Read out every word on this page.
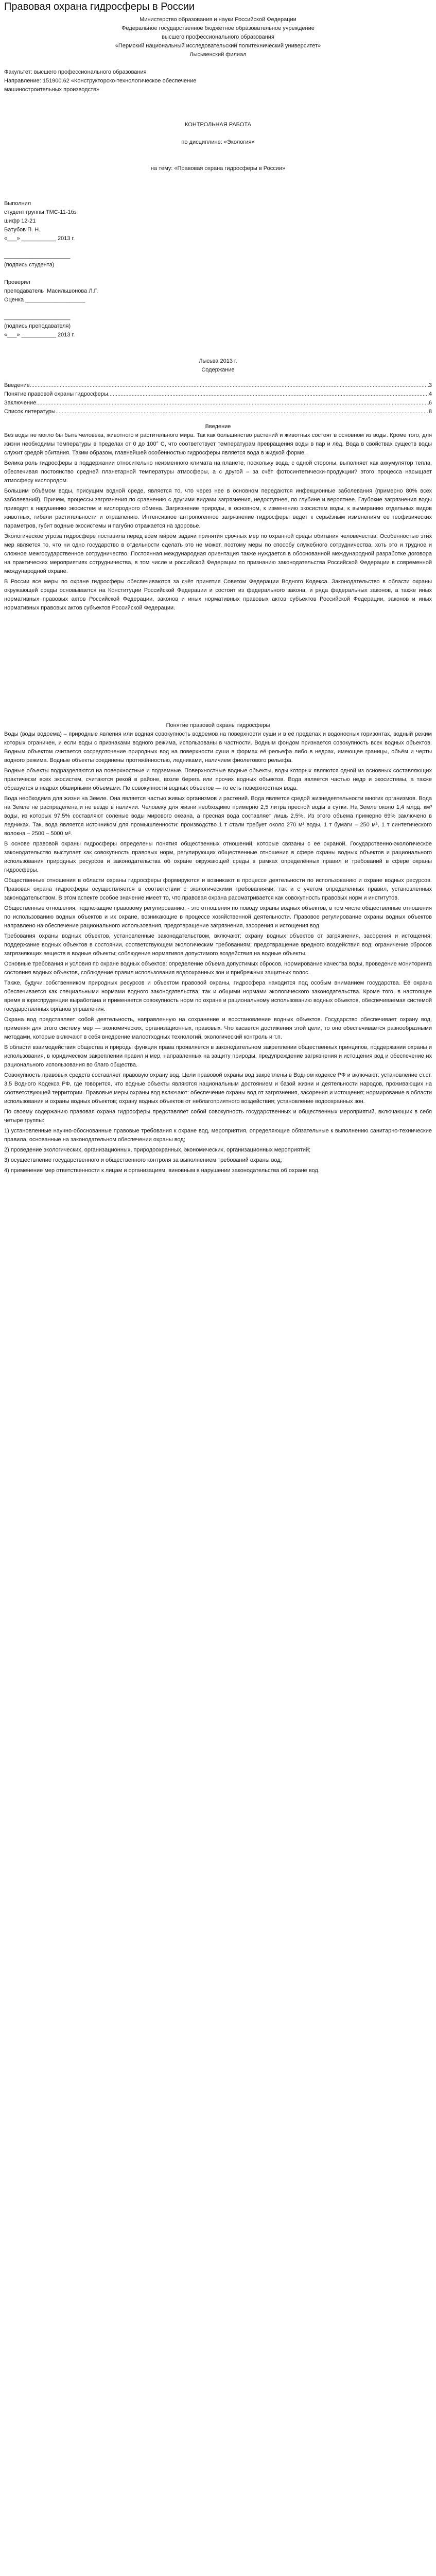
Правовая охрана гидросферы в России
Министерство образования и науки Российской Федерации
Федеральное государственное бюджетное образовательное учреждение
высшего профессионального образования
«Пермский национальный исследовательский политехнический университет»
Лысьвенский филиал

Факультет: высшего профессионального образования
Направление: 151900.62 «Конструкторско-технологическое обеспечение
машиностроительных производств»

КОНТРОЛЬНАЯ РАБОТА

по дисциплине: «Экология»

на тему: «Правовая охрана гидросферы в России»

Выполнил
студент группы ТМС-11-1бз
шифр 12-21
Батубов П. Н.
«___» ___________ 2013 г.

_____________________
(подпись студента)

Проверил
преподаватель  Масильшонова Л.Г.
Оценка ___________________

_____________________
(подпись преподавателя)
«___» ___________ 2013 г.

Лысьва 2013 г.
Содержание
Введение .....	3
Понятие правовой охраны гидросферы .....	4
Заключение .....	6
Список литературы .....	8

Введение

Без воды не могло бы быть человека, животного и растительного мира. Так как большинство растений и животных состоят в основном из воды. Кроме того, для жизни необходимы температуры в пределах от 0 до 100° С, что соответствует температурам превращения воды в пар и лёд. Вода в свойствах существ воды служит средой обитания. Таким образом, главнейшей особенностью гидросферы является вода в жидкой форме.

Велика роль гидросферы в поддержании относительно неизменного климата на планете, поскольку вода, с одной стороны, выполняет как аккумулятор тепла, обеспечивая постоянство средней планетарной температуры атмосферы, а с другой – за счёт фотосинтетически-продукции? этого процесса насыщает атмосферу кислородом.

Большим объёмом воды, присущим водной среде, является то, что через нее в основном передаются инфекционные заболевания (примерно 80% всех заболеваний). Причем, процессы загрязнения по сравнению с другими видами загрязнения, недоступнее, по глубине и вероятнее. Глубокие загрязнения воды приводят к нарушению экосистем и кислородного обмена. Загрязнение природы, в основном, к изменению экосистем воды, к вымиранию отдельных видов животных, гибели растительности и отравлению. Интенсивное антропогенное загрязнение гидросферы ведет к серьёзным изменениям ее геофизических параметров, губит водные экосистемы и пагубно отражается на здоровье.

Экологическое угроза гидросфере поставила перед всем миром задачи принятия срочных мер по охранной среды обитания человечества. Особенностью этих мер является то, что ни одно государство в отдельности сделать это не может, поэтому меры по способу служебного сотрудничества, хоть это и трудное и сложное межгосударственное сотрудничество. Постоянная международная ориентация также нуждается в обоснованной международной разработке договора на практических мероприятиях сотрудничества, в том числе и российской Федерации по признанию законодательства Российской Федерации в современной международной охране.

В России все меры по охране гидросферы обеспечиваются за счёт принятия Советом Федерации Водного Кодекса. Законодательство в области охраны окружающей среды основывается на Конституции Российской Федерации и состоит из федерального закона, и ряда федеральных законов, а также иных нормативных правовых актов Российской Федерации, законов и иных нормативных правовых актов субъектов Российской Федерации, законов и иных нормативных правовых актов субъектов Российской Федерации.

Понятие правовой охраны гидросферы

Воды (воды водоема) – природные явления или водная совокупность водоемов на поверхности суши и в её пределах и водоносных горизонтах, водный режим которых ограничен, и если воды с признаками водного режима, использованы в частности. Водным фондом признается совокупность всех водных объектов. Водным объектом считается сосредоточение природных вод на поверхности суши в формах её рельефа либо в недрах, имеющее границы, объём и черты водного режима. Водные объекты соединены протяжённостью, ледниками, наличием фиолетового рельефа.

Водные объекты подразделяются на поверхностные и подземные. Поверхностные водные объекты, воды которых являются одной из основных составляющих практически всех экосистем, считаются рекой в районе, возле берега или прочих водных объектов. Вода является частью недр и экосистемы, а также образуется в недрах обширными объемами. По совокупности водных объектов — то есть поверхностная вода.

Вода необходима для жизни на Земле. Она является частью живых организмов и растений. Вода является средой жизнедеятельности многих организмов. Вода на Земле не распределена и не везде в наличии. Человеку для жизни необходимо примерно 2,5 литра пресной воды в сутки. На Земле около 1,4 млрд. км³ воды, из которых 97,5% составляют соленые воды мирового океана, а пресная вода составляет лишь 2,5%. Из этого объема примерно 69% заключено в ледниках. Так, вода является источником для промышленности: производство 1 т стали требует около 270 м³ воды, 1 т бумаги – 250 м³, 1 т синтетического волокна – 2500 – 5000 м³.

В основе правовой охраны гидросферы определены понятия общественных отношений, которые связаны с ее охраной. Государственно-экологическое законодательство выступает как совокупность правовых норм, регулирующих общественные отношения в сфере охраны водных объектов и рационального использования природных ресурсов и законодательства об охране окружающей среды в рамках определённых правил и требований в сфере охраны гидросферы.

Общественные отношения в области охраны гидросферы формируются и возникают в процессе деятельности по использованию и охране водных ресурсов. Правовая охрана гидросферы осуществляется в соответствии с экологическими требованиями, так и с учетом определенных правил, установленных законодательством. В этом аспекте особое значение имеет то, что правовая охрана рассматривается как совокупность правовых норм и институтов.

Общественные отношения, подлежащие правовому регулированию, - это отношения по поводу охраны водных объектов, в том числе общественные отношения по использованию водных объектов и их охране, возникающие в процессе хозяйственной деятельности. Правовое регулирование охраны водных объектов направлено на обеспечение рационального использования, предотвращение загрязнения, засорения и истощения вод.

Требования охраны водных объектов, установленные законодательством, включают: охрану водных объектов от загрязнения, засорения и истощения; поддержание водных объектов в состоянии, соответствующем экологическим требованиям; предотвращение вредного воздействия вод; ограничение сбросов загрязняющих веществ в водные объекты; соблюдение нормативов допустимого воздействия на водные объекты.

Основные требования и условия по охране водных объектов: определение объема допустимых сбросов, нормирование качества воды, проведение мониторинга состояния водных объектов, соблюдение правил использования водоохранных зон и прибрежных защитных полос.

Также, будучи собственником природных ресурсов и объектом правовой охраны, гидросфера находится под особым вниманием государства. Её охрана обеспечивается как специальными нормами водного законодательства, так и общими нормами экологического законодательства. Кроме того, в настоящее время в юриспруденции выработана и применяется совокупность норм по охране и рациональному использованию водных объектов, обеспечиваемая системой государственных органов управления.

Охрана вод представляет собой деятельность, направленную на сохранение и восстановление водных объектов. Государство обеспечивает охрану вод, применяя для этого систему мер — экономических, организационных, правовых. Что касается достижения этой цели, то оно обеспечивается разнообразными методами, которые включают в себя внедрение малоотходных технологий, экологический контроль и т.п.

В области взаимодействия общества и природы функция права проявляется в законодательном закреплении общественных принципов, поддержании охраны и использования, в юридическом закреплении правил и мер, направленных на защиту природы, предупреждение загрязнения и истощения вод и обеспечение их рационального использования во благо общества.

Совокупность правовых средств составляет правовую охрану вод. Цели правовой охраны вод закреплены в Водном кодексе РФ и включают: установление ст.ст. 3,5 Водного Кодекса РФ, где говорится, что водные объекты являются национальным достоянием и базой жизни и деятельности народов, проживающих на соответствующей территории. Правовые меры охраны вод включают: обеспечение охраны вод от загрязнения, засорения и истощения; нормирование в области использования и охраны водных объектов; охрану водных объектов от неблагоприятного воздействия; установление водоохранных зон.

По своему содержанию правовая охрана гидросферы представляет собой совокупность государственных и общественных мероприятий, включающих в себя четыре группы:

1) установленные научно-обоснованные правовые требования к охране вод, мероприятия, определяющие обязательные к выполнению санитарно-технические правила, основанные на законодательном обеспечении охраны вод;

2) проведение экологических, организационных, природоохранных, экономических, организационных мероприятий;

3) осуществление государственного и общественного контроля за выполнением требований охраны вод;

4) применение мер ответственности к лицам и организациям, виновным в нарушении законодательства об охране вод.
